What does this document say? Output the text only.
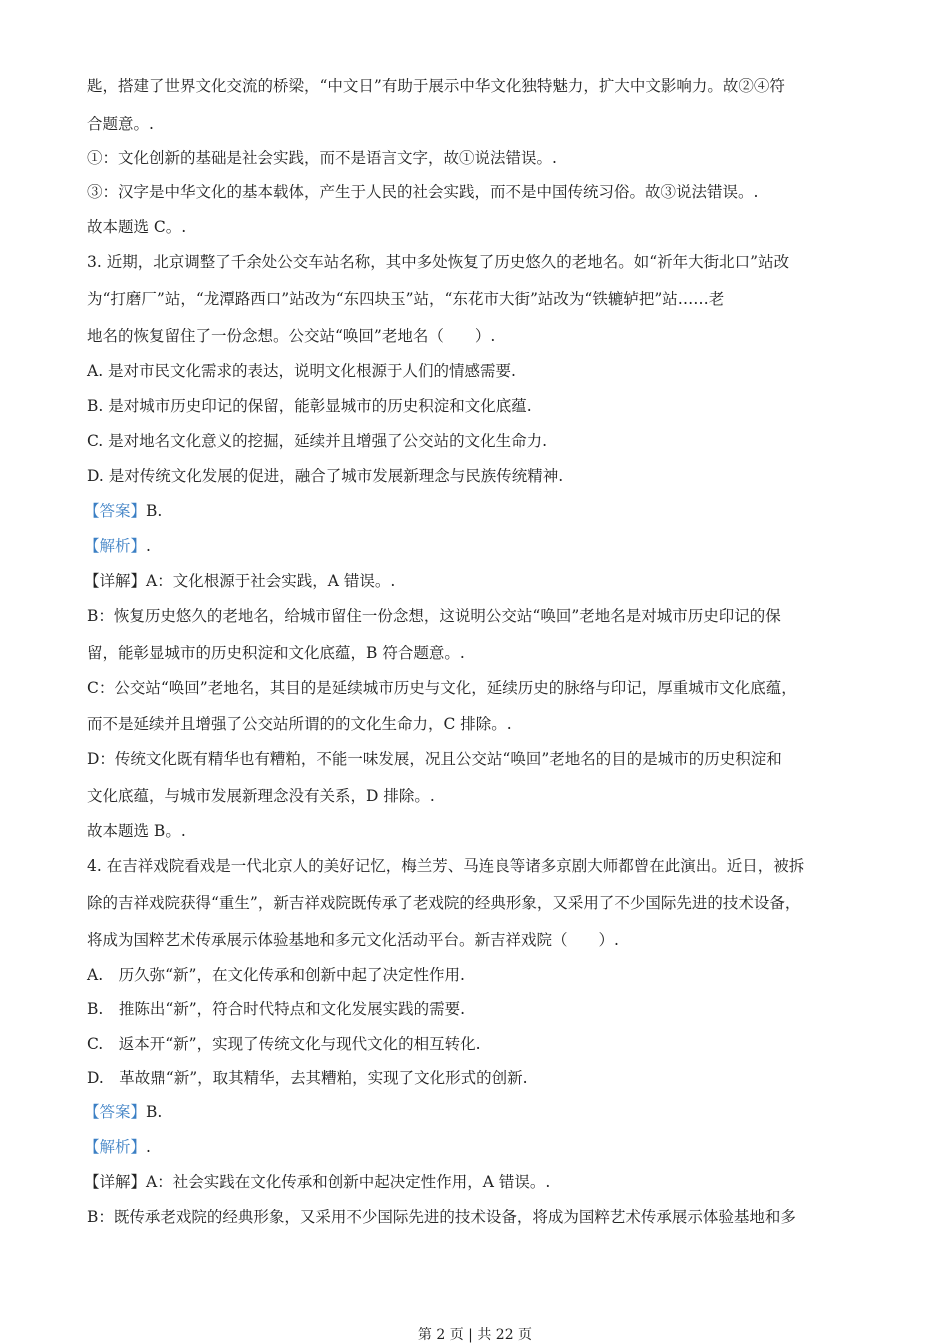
匙，搭建了世界文化交流的桥梁，“中文日”有助于展示中华文化独特魅力，扩大中文影响力。故②④符
合题意。.
①：文化创新的基础是社会实践，而不是语言文字，故①说法错误。.
③：汉字是中华文化的基本载体，产生于人民的社会实践，而不是中国传统习俗。故③说法错误。.
故本题选 C。.
3. 近期，北京调整了千余处公交车站名称，其中多处恢复了历史悠久的老地名。如“祈年大街北口”站改
为“打磨厂”站，“龙潭路西口”站改为“东四块玉”站，“东花市大街”站改为“铁辘轳把”站……老
地名的恢复留住了一份念想。公交站“唤回”老地名（　　）.
A. 是对市民文化需求的表达，说明文化根源于人们的情感需要.
B. 是对城市历史印记的保留，能彰显城市的历史积淀和文化底蕴.
C. 是对地名文化意义的挖掘，延续并且增强了公交站的文化生命力.
D. 是对传统文化发展的促进，融合了城市发展新理念与民族传统精神.
【答案】B.
【解析】.
【详解】A：文化根源于社会实践，A 错误。.
B：恢复历史悠久的老地名，给城市留住一份念想，这说明公交站“唤回”老地名是对城市历史印记的保
留，能彰显城市的历史积淀和文化底蕴，B 符合题意。.
C：公交站“唤回”老地名，其目的是延续城市历史与文化，延续历史的脉络与印记，厚重城市文化底蕴，
而不是延续并且增强了公交站所谓的的文化生命力，C 排除。.
D：传统文化既有精华也有糟粕，不能一味发展，况且公交站“唤回”老地名的目的是城市的历史积淀和
文化底蕴，与城市发展新理念没有关系，D 排除。.
故本题选 B。.
4. 在吉祥戏院看戏是一代北京人的美好记忆，梅兰芳、马连良等诸多京剧大师都曾在此演出。近日，被拆
除的吉祥戏院获得“重生”，新吉祥戏院既传承了老戏院的经典形象，又采用了不少国际先进的技术设备，
将成为国粹艺术传承展示体验基地和多元文化活动平台。新吉祥戏院（　　）.
A.　历久弥“新”，在文化传承和创新中起了决定性作用.
B.　推陈出“新”，符合时代特点和文化发展实践的需要.
C.　返本开“新”，实现了传统文化与现代文化的相互转化.
D.　革故鼎“新”，取其精华，去其糟粕，实现了文化形式的创新.
【答案】B.
【解析】.
【详解】A：社会实践在文化传承和创新中起决定性作用，A 错误。.
B：既传承老戏院的经典形象，又采用不少国际先进的技术设备，将成为国粹艺术传承展示体验基地和多
第 2 页 | 共 22 页
